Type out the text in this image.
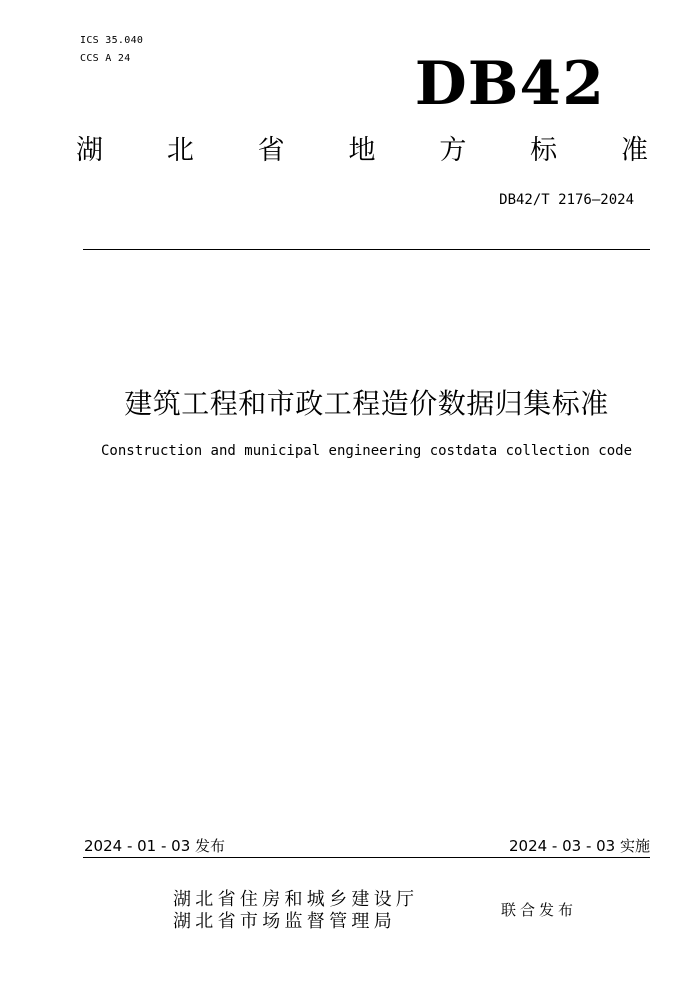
ICS 35.040
CCS A 24	DB42
湖 北 省 地 方 标 准
DB42/T 2176—2024
建筑工程和市政工程造价数据归集标准
Construction and municipal engineering costdata collection code
2024 - 01 - 03 发布	2024 - 03 - 03 实施
湖北省住房和城乡建设厅
湖北省市场监督管理局
联合发布
